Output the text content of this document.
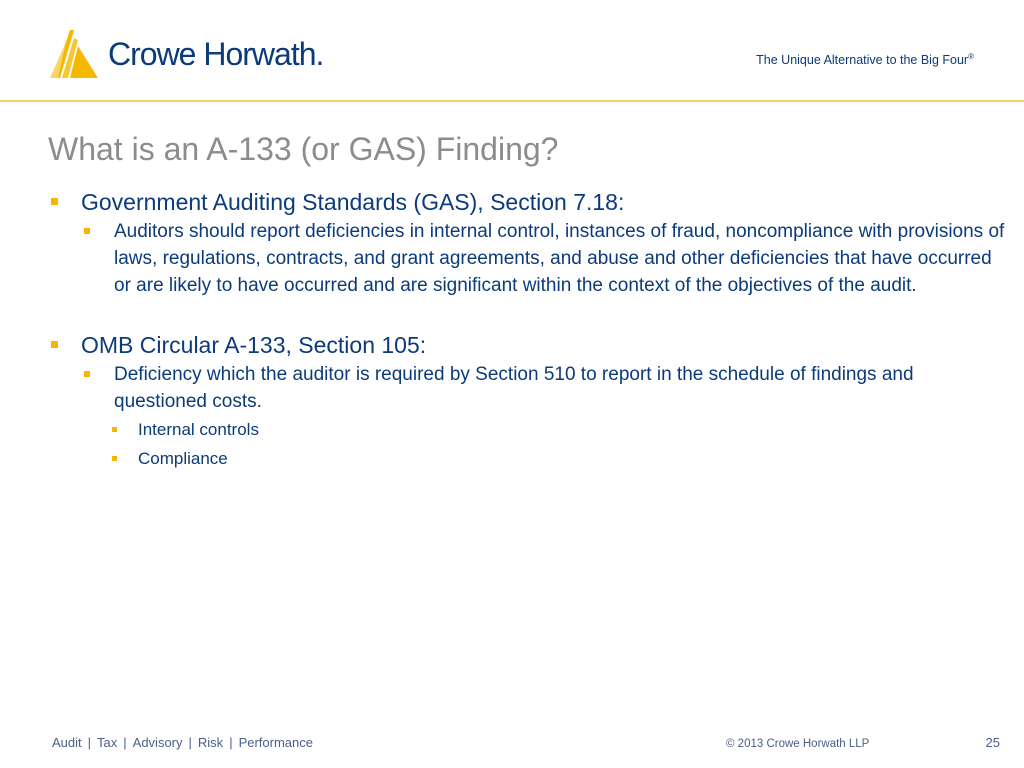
Crowe Horwath.	The Unique Alternative to the Big Four®
What is an A-133 (or GAS) Finding?

Government Auditing Standards (GAS), Section 7.18:

Auditors should report deficiencies in internal control, instances of fraud, noncompliance with provisions of laws, regulations, contracts, and grant agreements, and abuse and other deficiencies that have occurred or are likely to have occurred and are significant within the context of the objectives of the audit.

OMB Circular A-133, Section 105:

Deficiency which the auditor is required by Section 510 to report in the schedule of findings and questioned costs.

Internal controls

Compliance

Audit | Tax | Advisory | Risk | Performance	© 2013 Crowe Horwath LLP	25
